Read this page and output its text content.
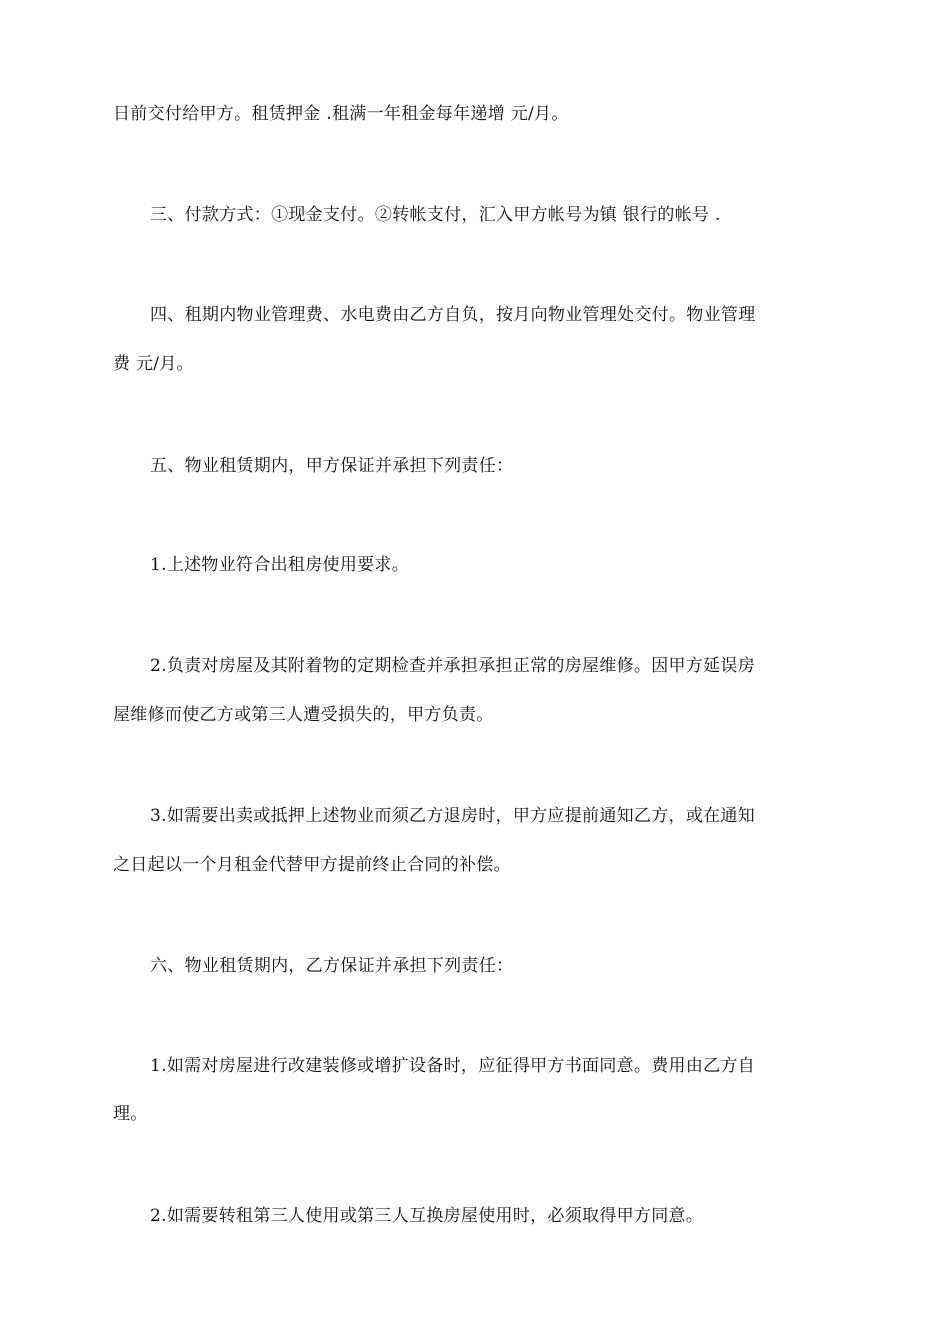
日前交付给甲方。租赁押金 .租满一年租金每年递增 元/月。
三、付款方式：①现金支付。②转帐支付，汇入甲方帐号为镇 银行的帐号 .
四、租期内物业管理费、水电费由乙方自负，按月向物业管理处交付。物业管理
费 元/月。
五、物业租赁期内，甲方保证并承担下列责任：
1.上述物业符合出租房使用要求。
2.负责对房屋及其附着物的定期检查并承担承担正常的房屋维修。因甲方延误房
屋维修而使乙方或第三人遭受损失的，甲方负责。
3.如需要出卖或抵押上述物业而须乙方退房时，甲方应提前通知乙方，或在通知
之日起以一个月租金代替甲方提前终止合同的补偿。
六、物业租赁期内，乙方保证并承担下列责任：
1.如需对房屋进行改建装修或增扩设备时，应征得甲方书面同意。费用由乙方自
理。
2.如需要转租第三人使用或第三人互换房屋使用时，必须取得甲方同意。
